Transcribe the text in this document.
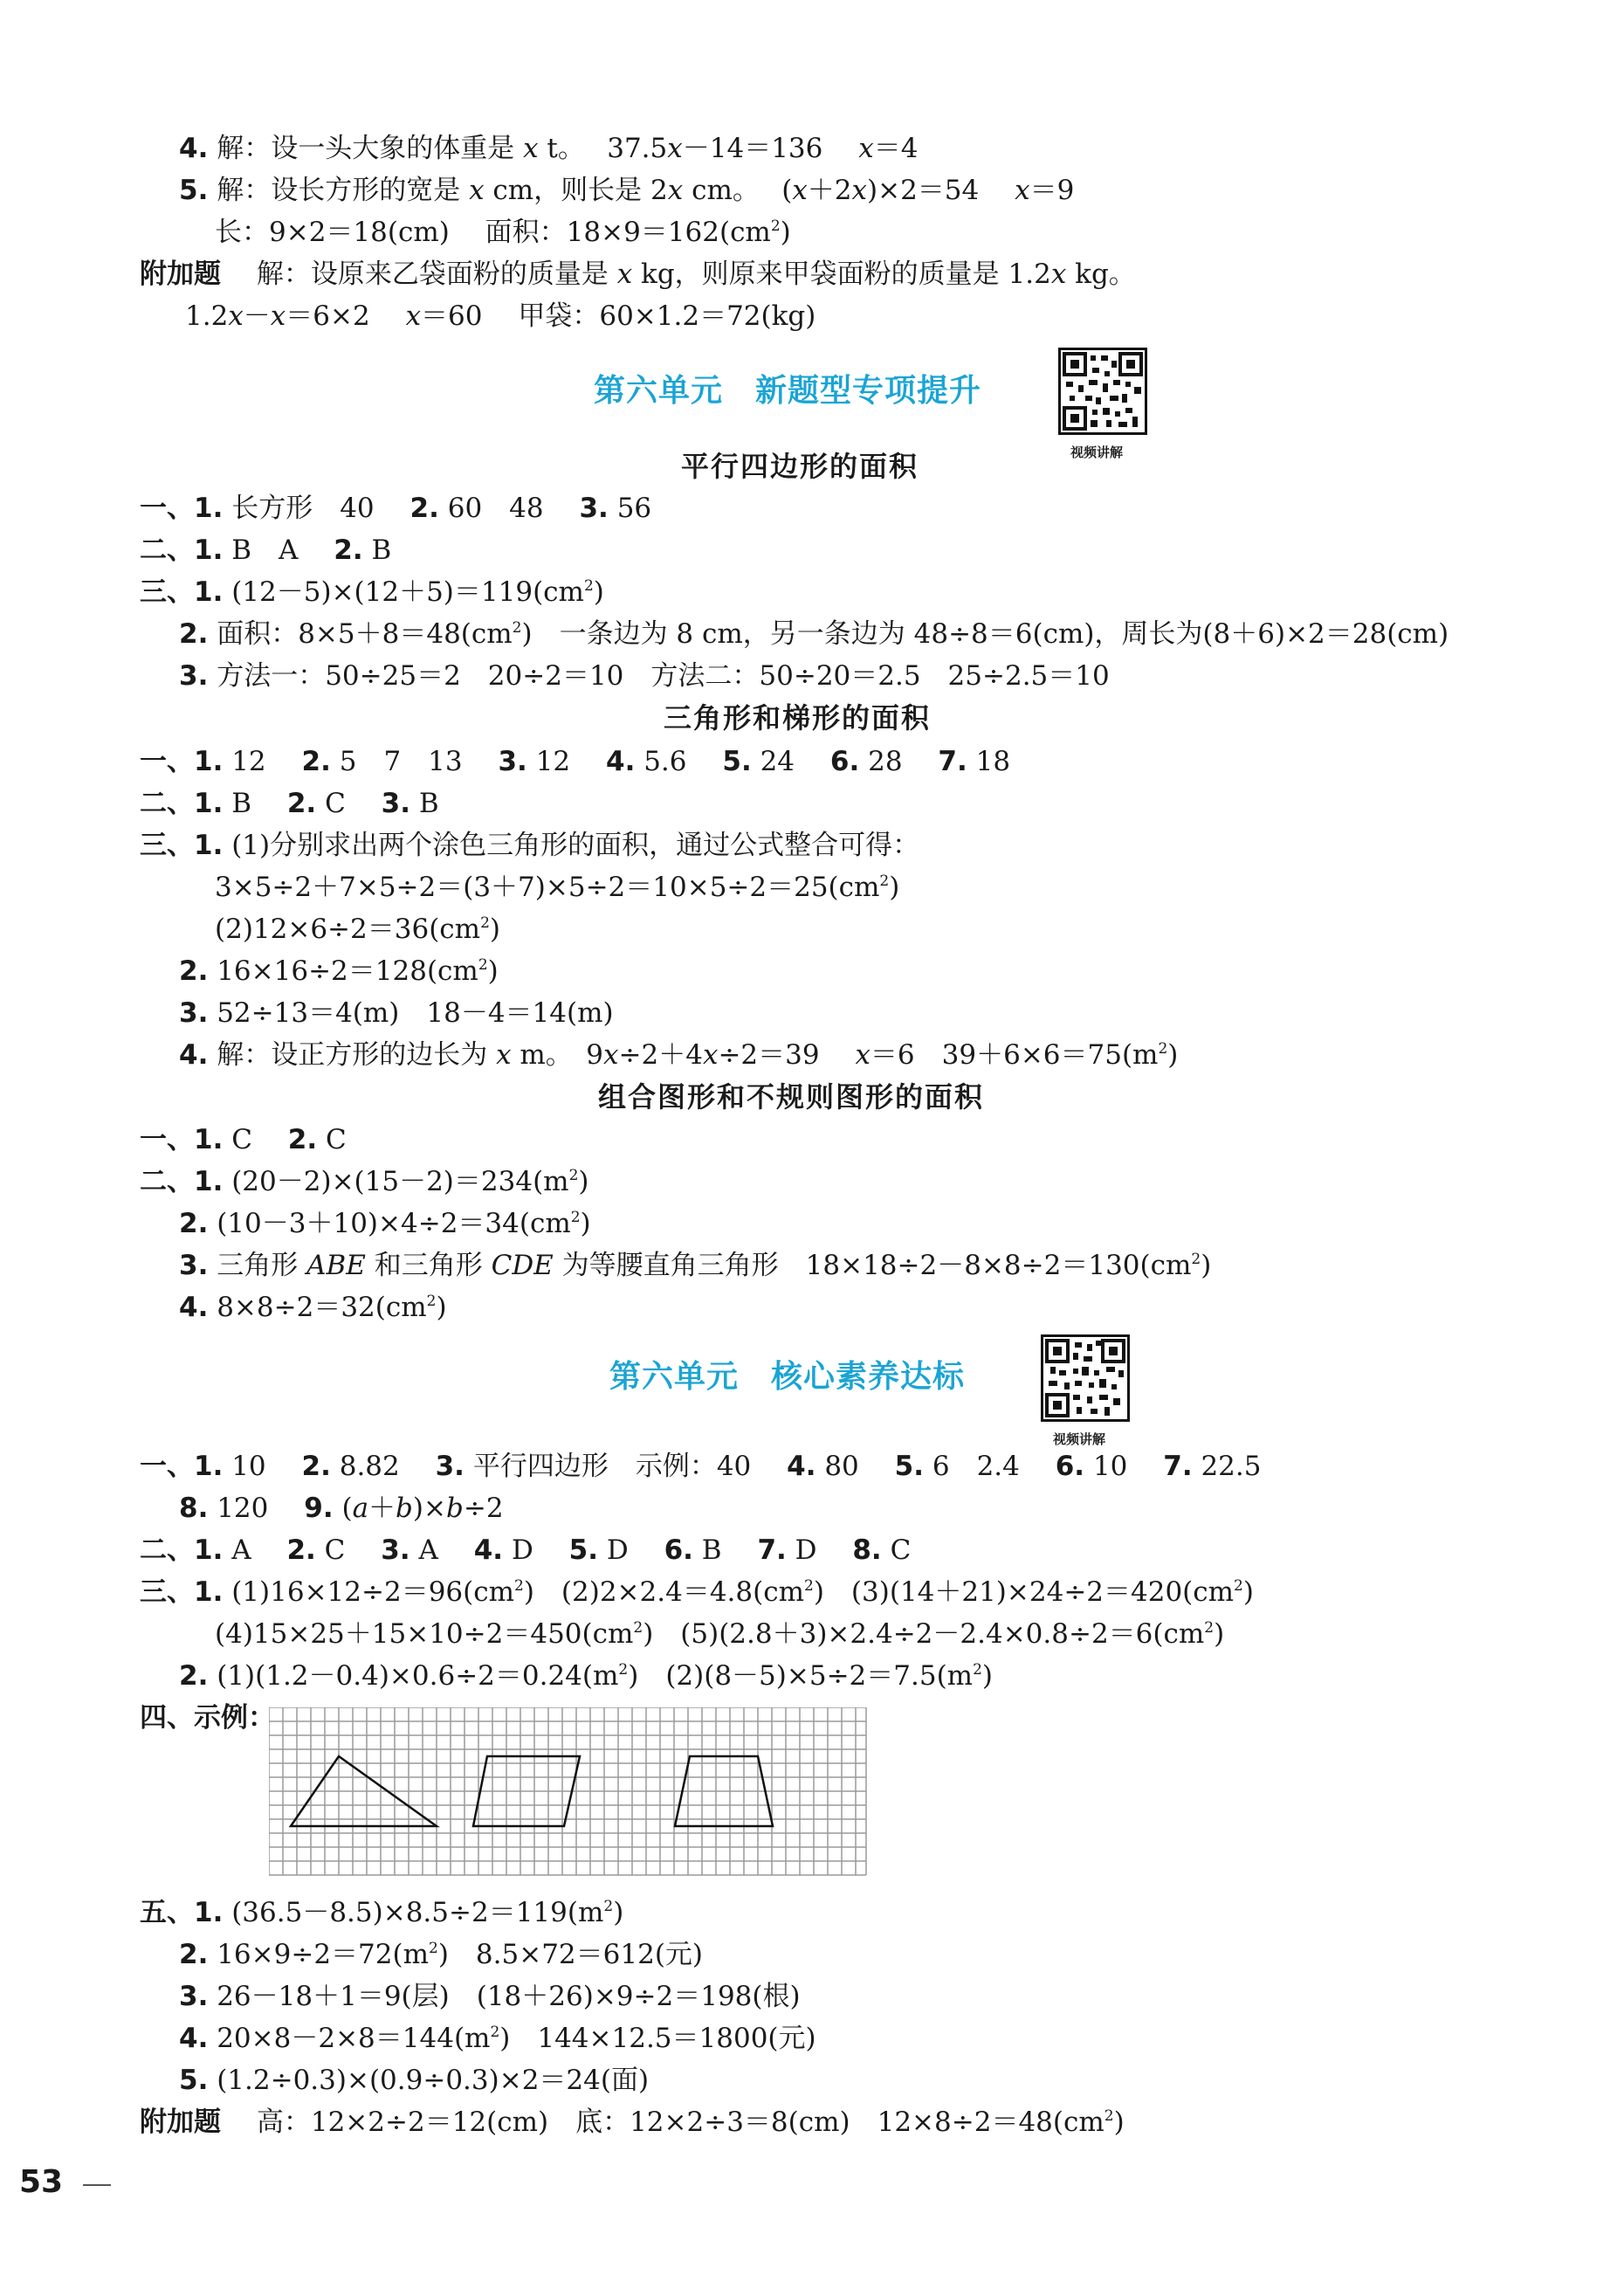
4. 解：设一头大象的体重是 x t。　 37.5x－14＝136　 x＝4
5. 解：设长方形的宽是 x cm，则长是 2x cm。　 (x＋2x)×2＝54　 x＝9
长：9×2＝18(cm)　 面积：$18\times 9=162(cm^2)$
附加题　 解：设原来乙袋面粉的质量是 x kg，则原来甲袋面粉的质量是 1.2x kg。
1.2x－x＝6×2　 x＝60　 甲袋：60×1.2＝72(kg)
第六单元　新题型专项提升
视频讲解
平行四边形的面积
一、1. 长方形　40　 2. 60　48　 3. 56
二、1. B　A　 2. B
三、1. $(12-5)\times(12+5)=119(cm^2)$
2. 面积：$8\times 5+8=48(cm^2)$　一条边为 8 cm，另一条边为 48÷8＝6(cm)，周长为(8＋6)×2＝28(cm)
3. 方法一：50÷25＝2　20÷2＝10　方法二：50÷20＝2.5　25÷2.5＝10
三角形和梯形的面积
一、1. 12　 2. 5　7　13　 3. 12　 4. 5.6　 5. 24　 6. 28　 7. 18
二、1. B　 2. C　 3. B
三、1. (1)分别求出两个涂色三角形的面积，通过公式整合可得：
$3\times 5\div 2+7\times 5\div 2=(3+7)\times 5\div 2=10\times 5\div 2=25(cm^2)$
$(2)12\times 6\div 2=36(cm^2)$
2. $16\times 16\div 2=128(cm^2)$
3. 52÷13＝4(m)　18－4＝14(m)
4. 解：设正方形的边长为 x m。　9x÷2＋4x÷2＝39　 x＝6　$39+6\times 6=75(m^2)$
组合图形和不规则图形的面积
一、1. C　 2. C
二、1. $(20-2)\times(15-2)=234(m^2)$
2. $(10-3+10)\times 4\div 2=34(cm^2)$
3. 三角形 ABE 和三角形 CDE 为等腰直角三角形　$18\times 18\div 2-8\times 8\div 2=130(cm^2)$
4. $8\times 8\div 2=32(cm^2)$
第六单元　核心素养达标
视频讲解
一、1. 10　 2. 8.82　 3. 平行四边形　示例：40　 4. 80　 5. 6　2.4　 6. 10　 7. 22.5
8. 120　 9. (a＋b)×b÷2
二、1. A　 2. C　 3. A　 4. D　 5. D　 6. B　 7. D　 8. C
三、1. $(1)16\times 12\div 2=96(cm^2)$　$(2)2\times 2.4=4.8(cm^2)$　$(3)(14+21)\times 24\div 2=420(cm^2)$
$(4)15\times 25+15\times 10\div 2=450(cm^2)$　$(5)(2.8+3)\times 2.4\div 2-2.4\times 0.8\div 2=6(cm^2)$
2. $(1)(1.2-0.4)\times 0.6\div 2=0.24(m^2)$　$(2)(8-5)\times 5\div 2=7.5(m^2)$
四、示例：
五、1. $(36.5-8.5)\times 8.5\div 2=119(m^2)$
2. $16\times 9\div 2=72(m^2)$　8.5×72＝612(元)
3. 26－18＋1＝9(层)　(18＋26)×9÷2＝198(根)
4. $20\times 8-2\times 8=144(m^2)$　144×12.5＝1800(元)
5. (1.2÷0.3)×(0.9÷0.3)×2＝24(面)
附加题　 高：12×2÷2＝12(cm)　底：12×2÷3＝8(cm)　$12\times 8\div 2=48(cm^2)$
53
